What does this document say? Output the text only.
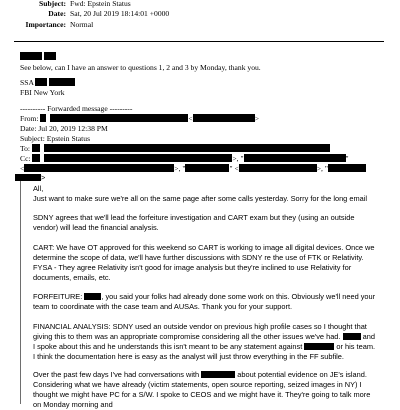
Subject: Fwd: Epstein Status
Date: Sat, 20 Jul 2019 18:14:01 +0000
Importance: Normal

See below, can I have an answer to questions 1, 2 and 3 by Monday, thank you.
SSA
FBI New York
---------- Forwarded message ---------
From:	<	>
Date: Jul 20, 2019 12:38 PM
Subject: Epstein Status
To:
Cc:	>, "	"
<	>, "	" <	>, "
>
All,
Just want to make sure we're all on the same page after some calls yesterday. Sorry for the long email
SDNY agrees that we'll lead the forfeiture investigation and CART exam but they (using an outside vendor) will lead the financial analysis.
CART: We have OT approved for this weekend so CART is working to image all digital devices. Once we determine the scope of data, we'll have further discussions with SDNY re the use of FTK or Relativity. FYSA - They agree Relativity isn't good for image analysis but they're inclined to use Relativity for documents, emails, etc.
FORFEITURE:	, you said your folks had already done some work on this. Obviously we'll need your team to coordinate with the case team and AUSAs. Thank you for your support.
FINANCIAL ANALYSIS: SDNY used an outside vendor on previous high profile cases so I thought that giving this to them was an appropriate compromise considering all the other issues we've had.	and I spoke about this and he understands this isn't meant to be any statement against	or his team. I think the documentation here is easy as the analyst will just throw everything in the FF subfile.
Over the past few days I've had conversations with	about potential evidence on JE's island. Considering what we have already (victim statements, open source reporting, seized images in NY) I thought we might have PC for a S/W. I spoke to CEOS and we might have it. They're going to talk more on Monday morning and
